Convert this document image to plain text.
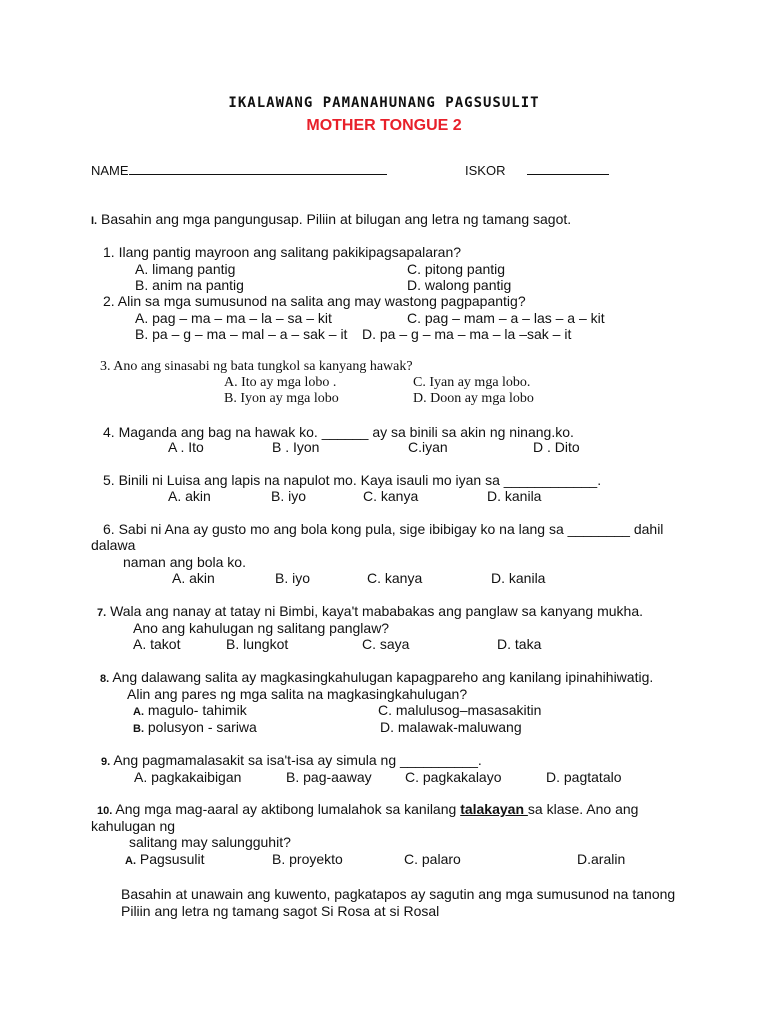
IKALAWANG PAMANAHUNANG PAGSUSULIT
MOTHER TONGUE 2
NAME	ISKOR
I. Basahin ang mga pangungusap. Piliin at bilugan ang letra ng tamang sagot.
1. Ilang pantig mayroon ang salitang pakikipagsapalaran?
A. limang pantig	C. pitong pantig
B. anim na pantig	D. walong pantig
2. Alin sa mga sumusunod na salita ang may wastong pagpapantig?
A. pag – ma – ma – la – sa – kit	C. pag – mam – a – las – a – kit
B. pa – g – ma – mal – a – sak – it D. pa – g – ma – ma – la –sak – it
3. Ano ang sinasabi ng bata tungkol sa kanyang hawak?
A. Ito ay mga lobo .	C. Iyan ay mga lobo.
B. Iyon ay mga lobo	D. Doon ay mga lobo
4. Maganda ang bag na hawak ko. ______ ay sa binili sa akin ng ninang.ko.
A . Ito	B . Iyon	C.iyan	D . Dito
5. Binili ni Luisa ang lapis na napulot mo. Kaya isauli mo iyan sa ____________.
A. akin	B. iyo	C. kanya	D. kanila
6. Sabi ni Ana ay gusto mo ang bola kong pula, sige ibibigay ko na lang sa ________ dahil
dalawa
naman ang bola ko.
A. akin	B. iyo	C. kanya	D. kanila
7. Wala ang nanay at tatay ni Bimbi, kaya't mababakas ang panglaw sa kanyang mukha.
Ano ang kahulugan ng salitang panglaw?
A. takot	B. lungkot	C. saya	D. taka
8. Ang dalawang salita ay magkasingkahulugan kapagpareho ang kanilang ipinahihiwatig.
Alin ang pares ng mga salita na magkasingkahulugan?
A. magulo- tahimik	C. malulusog–masasakitin
B. polusyon - sariwa	D. malawak-maluwang
9. Ang pagmamalasakit sa isa't-isa ay simula ng __________.
A. pagkakaibigan	B. pag-aaway C. pagkakalayo	D. pagtatalo
10. Ang mga mag-aaral ay aktibong lumalahok sa kanilang talakayan sa klase. Ano ang
kahulugan ng
salitang may salungguhit?
A. Pagsusulit	B. proyekto	C. palaro	D.aralin
Basahin at unawain ang kuwento, pagkatapos ay sagutin ang mga sumusunod na tanong
Piliin ang letra ng tamang sagot Si Rosa at si Rosal
